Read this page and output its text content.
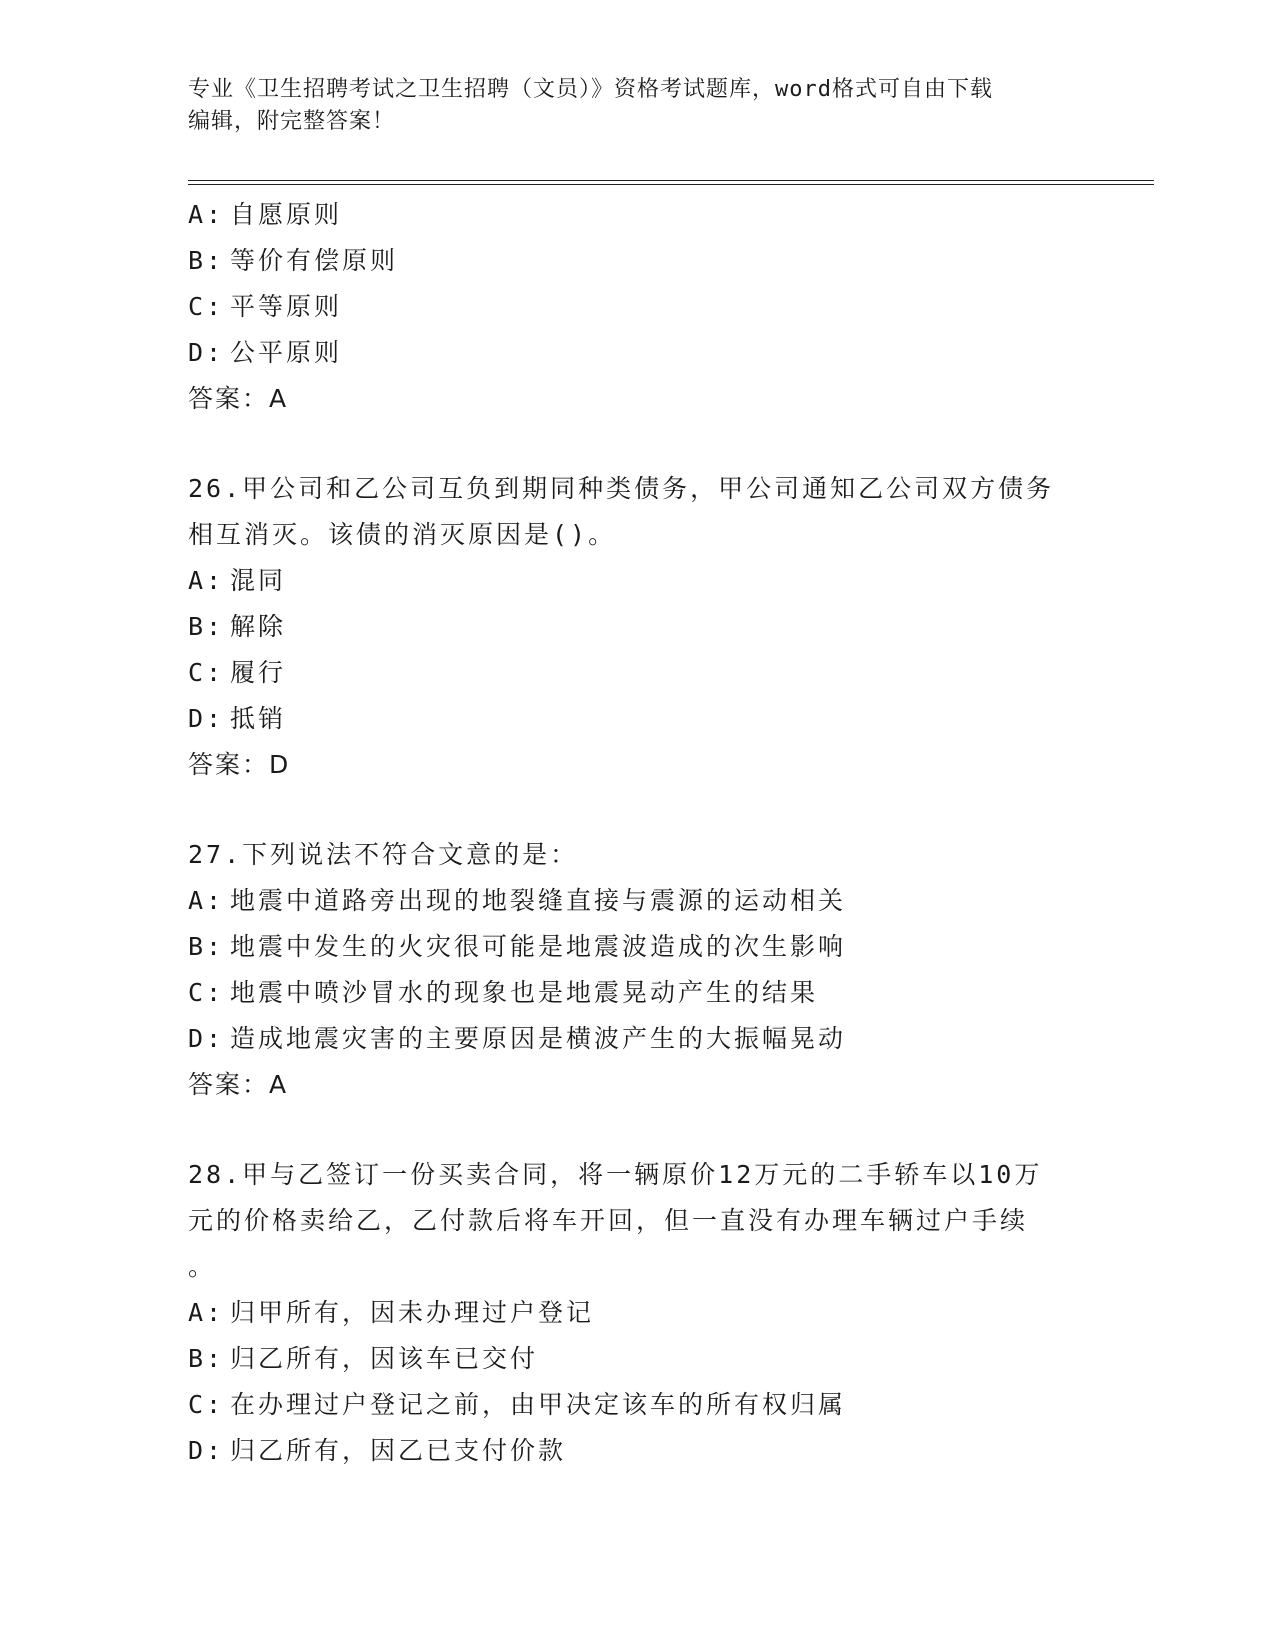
专业《卫生招聘考试之卫生招聘（文员）》资格考试题库，word格式可自由下载
编辑，附完整答案！
A: 自愿原则
B: 等价有偿原则
C: 平等原则
D: 公平原则
答案：A
26.甲公司和乙公司互负到期同种类债务，甲公司通知乙公司双方债务
相互消灭。该债的消灭原因是()。
A: 混同
B: 解除
C: 履行
D: 抵销
答案：D
27.下列说法不符合文意的是：
A: 地震中道路旁出现的地裂缝直接与震源的运动相关
B: 地震中发生的火灾很可能是地震波造成的次生影响
C: 地震中喷沙冒水的现象也是地震晃动产生的结果
D: 造成地震灾害的主要原因是横波产生的大振幅晃动
答案：A
28.甲与乙签订一份买卖合同，将一辆原价12万元的二手轿车以10万
元的价格卖给乙，乙付款后将车开回，但一直没有办理车辆过户手续
。
A: 归甲所有，因未办理过户登记
B: 归乙所有，因该车已交付
C: 在办理过户登记之前，由甲决定该车的所有权归属
D: 归乙所有，因乙已支付价款
